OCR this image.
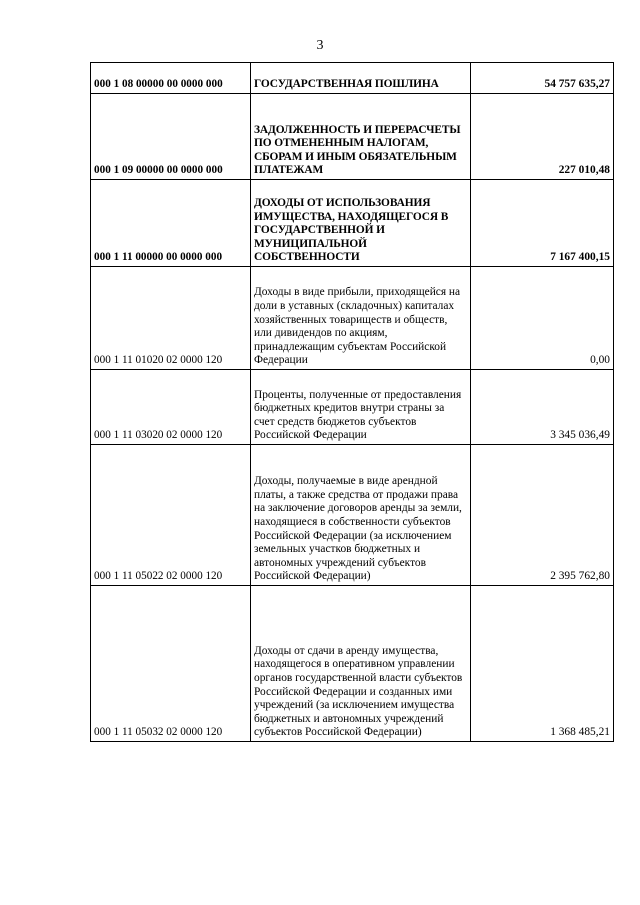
3
000 1 08 00000 00 0000 000	ГОСУДАРСТВЕННАЯ ПОШЛИНА	54 757 635,27
000 1 09 00000 00 0000 000	ЗАДОЛЖЕННОСТЬ И ПЕРЕРАСЧЕТЫ ПО ОТМЕНЕННЫМ НАЛОГАМ, СБОРАМ И ИНЫМ ОБЯЗАТЕЛЬНЫМ ПЛАТЕЖАМ	227 010,48
000 1 11 00000 00 0000 000	ДОХОДЫ ОТ ИСПОЛЬЗОВАНИЯ ИМУЩЕСТВА, НАХОДЯЩЕГОСЯ В ГОСУДАРСТВЕННОЙ И МУНИЦИПАЛЬНОЙ СОБСТВЕННОСТИ	7 167 400,15
000 1 11 01020 02 0000 120	Доходы в виде прибыли, приходящейся на доли в уставных (складочных) капиталах хозяйственных товариществ и обществ, или дивидендов по акциям, принадлежащим субъектам Российской Федерации	0,00
000 1 11 03020 02 0000 120	Проценты, полученные от предоставления бюджетных кредитов внутри страны за счет средств бюджетов субъектов Российской Федерации	3 345 036,49
000 1 11 05022 02 0000 120	Доходы, получаемые в виде арендной платы, а также средства от продажи права на заключение договоров аренды за земли, находящиеся в собственности субъектов Российской Федерации (за исключением земельных участков бюджетных и автономных учреждений субъектов Российской Федерации)	2 395 762,80
000 1 11 05032 02 0000 120	Доходы от сдачи в аренду имущества, находящегося в оперативном управлении органов государственной власти субъектов Российской Федерации и созданных ими учреждений (за исключением имущества бюджетных и автономных учреждений субъектов Российской Федерации)	1 368 485,21
